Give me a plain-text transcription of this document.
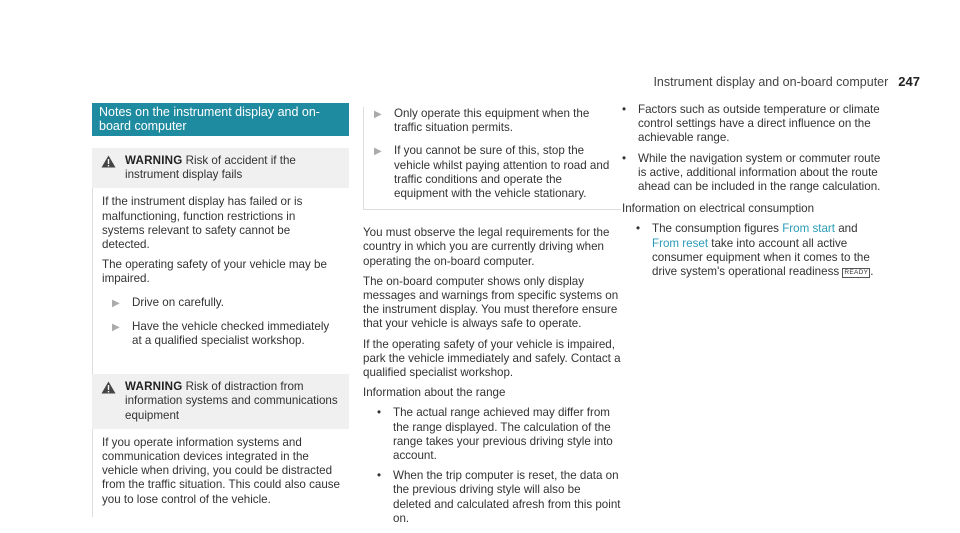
Instrument display and on-board computer 247
Notes on the instrument display and on-board computer
WARNING Risk of accident if the instrument display fails

If the instrument display has failed or is malfunctioning, function restrictions in systems relevant to safety cannot be detected.

The operating safety of your vehicle may be impaired.

▶	Drive on carefully.
▶	Have the vehicle checked immediately at a qualified specialist workshop.
WARNING Risk of distraction from information systems and communications equipment

If you operate information systems and communication devices integrated in the vehicle when driving, you could be distracted from the traffic situation. This could also cause you to lose control of the vehicle.

▶	Only operate this equipment when the traffic situation permits.
▶	If you cannot be sure of this, stop the vehicle whilst paying attention to road and traffic conditions and operate the equipment with the vehicle stationary.

You must observe the legal requirements for the country in which you are currently driving when operating the on-board computer.

The on-board computer shows only display messages and warnings from specific systems on the instrument display. You must therefore ensure that your vehicle is always safe to operate.

If the operating safety of your vehicle is impaired, park the vehicle immediately and safely. Contact a qualified specialist workshop.

Information about the range

• The actual range achieved may differ from the range displayed. The calculation of the range takes your previous driving style into account.
• When the trip computer is reset, the data on the previous driving style will also be deleted and calculated afresh from this point on.
• Factors such as outside temperature or climate control settings have a direct influence on the achievable range.
• While the navigation system or commuter route is active, additional information about the route ahead can be included in the range calculation.

Information on electrical consumption

• The consumption figures From start and From reset take into account all active consumer equipment when it comes to the drive system's operational readiness READY .
